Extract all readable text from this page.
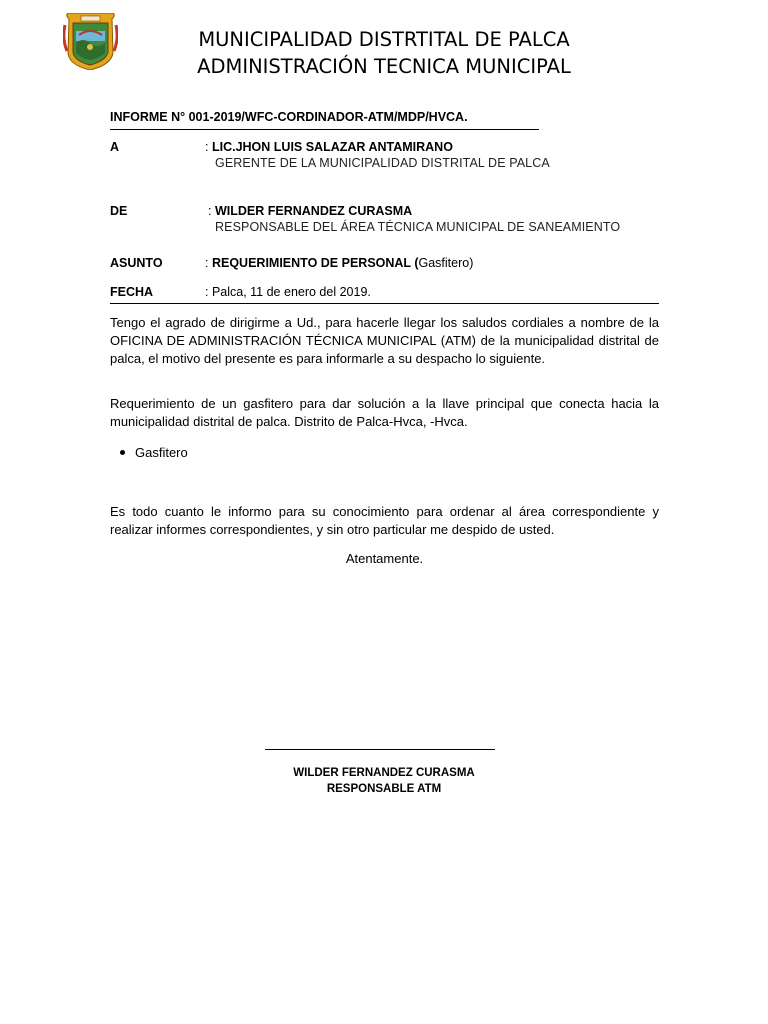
MUNICIPALIDAD DISTRTITAL DE PALCA
ADMINISTRACIÓN TECNICA MUNICIPAL
INFORME N° 001-2019/WFC-CORDINADOR-ATM/MDP/HVCA.
A	: LIC.JHON LUIS SALAZAR ANTAMIRANO
GERENTE DE LA MUNICIPALIDAD DISTRITAL DE PALCA
DE	: WILDER FERNANDEZ CURASMA
RESPONSABLE DEL ÁREA TÉCNICA MUNICIPAL DE SANEAMIENTO
ASUNTO	: REQUERIMIENTO DE PERSONAL (Gasfitero)
FECHA	: Palca, 11 de enero del 2019.
Tengo el agrado de dirigirme a Ud., para hacerle llegar los saludos cordiales a nombre de la OFICINA DE ADMINISTRACIÓN TÉCNICA MUNICIPAL (ATM) de la municipalidad distrital de palca, el motivo del presente es para informarle a su despacho lo siguiente.
Requerimiento de un gasfitero para dar solución a la llave principal que conecta hacia la municipalidad distrital de palca. Distrito de Palca-Hvca, -Hvca.
Gasfitero
Es todo cuanto le informo para su conocimiento para ordenar al área correspondiente y realizar informes correspondientes, y sin otro particular me despido de usted.
Atentamente.
WILDER FERNANDEZ CURASMA
RESPONSABLE ATM
